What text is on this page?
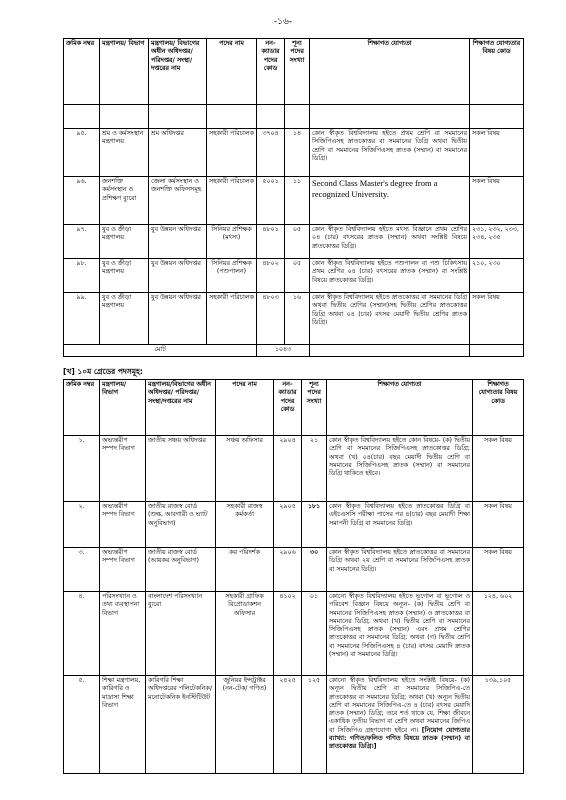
-১৬-
ক্রমিক নম্বর	মন্ত্রণালয়/ বিভাগ	মন্ত্রণালয়/ বিভাগের অধীন অধিদপ্তর/ পরিদপ্তর/ সংস্থা/ দপ্তরের নাম	পদের নাম	নন-ক্যাডার পদের কোড	শূন্য পদের সংখ্যা	শিক্ষাগত যোগ্যতা	শিক্ষাগত যোগ্যতার বিষয় কোড

৯৫.	শ্রম ও কর্মসংস্থান মন্ত্রণালয়	শ্রম অধিদপ্তর	সহকারী পরিচালক	৩৭০৪	১৪	কোন স্বীকৃত বিশ্ববিদ্যালয় হইতে প্রথম শ্রেণি বা সমমানের সিজিপিএসহ স্নাতকোত্তর বা সমমানের ডিগ্রি অথবা দ্বিতীয় শ্রেণি বা সমমানের সিজিপিএসহ স্নাতক (সম্মান) বা সমমানের ডিগ্রি।	সকল বিষয়
৯৬.	জনশক্তি কর্মসংস্থান ও প্রশিক্ষণ ব্যুরো	জেলা কর্মসংস্থান ও জনশক্তি অফিসসমূহ	সহকারী পরিচালক	৫০০১	১১	Second Class Master's degree from a recognized University.	সকল বিষয়
৯৭.	যুব ও ক্রীড়া মন্ত্রণালয়	যুব উন্নয়ন অধিদপ্তর	সিনিয়র প্রশিক্ষক (মৎস্য)	৪৮০১	০৫	কোন স্বীকৃত বিশ্ববিদ্যালয় হইতে মৎস্য বিজ্ঞানে প্রথম শ্রেণির ০৪ (চার) বৎসরের স্নাতক (সম্মান) অথবা সংশ্লিষ্ট বিষয়ে স্নাতকোত্তর ডিগ্রি।	২৩১, ২৩২, ২৩৩, ২৩৪, ২৩৫
৯৮.	যুব ও ক্রীড়া মন্ত্রণালয়	যুব উন্নয়ন অধিদপ্তর	সিনিয়র প্রশিক্ষক (পশুপালন)	৪৮০২	০৫	কোন স্বীকৃত বিশ্ববিদ্যালয় হইতে পশুপালন বা পশু চিকিৎসায় প্রথম শ্রেণির ০৪ (চার) বৎসরের স্নাতক (সম্মান) বা সংশ্লিষ্ট বিষয়ে স্নাতকোত্তর ডিগ্রি।	২১০, ২৩০
৯৯.	যুব ও ক্রীড়া মন্ত্রণালয়	যুব উন্নয়ন অধিদপ্তর	সহকারী পরিচালক	৪৮০৩	১৬	কোন স্বীকৃত বিশ্ববিদ্যালয় হইতে স্নাতকোত্তর বা সমমানের ডিগ্রি অথবা দ্বিতীয় শ্রেণির (সম্মান)সহ দ্বিতীয় শ্রেণির স্নাতকোত্তর ডিগ্রি অথবা ০৪ (চার) বৎসর মেয়াদী দ্বিতীয় শ্রেণির স্নাতক ডিগ্রি।	সকল বিষয়
মোট				১০৪৩			
[খ] ১০ম গ্রেডের পদসমূহ:
ক্রমিক নম্বর	মন্ত্রণালয়/ বিভাগ	মন্ত্রণালয়/বিভাগের অধীন অধিদপ্তর/ পরিদপ্তর/ সংস্থা/দপ্তরের নাম	পদের নাম	নন-ক্যাডার পদের কোড	শূন্য পদের সংখ্যা	শিক্ষাগত যোগ্যতা	শিক্ষাগত যোগ্যতার বিষয় কোড
১.	অভ্যন্তরীণ সম্পদ বিভাগ	জাতীয় সঞ্চয় অধিদপ্তর	সঞ্চয় অফিসার	২৯০৪	২১	কোন স্বীকৃত বিশ্ববিদ্যালয় হইতে কোন বিষয়ে- (ক) দ্বিতীয় শ্রেণি বা সমমানের সিজিপিএসহ স্নাতকোত্তর ডিগ্রি; অথবা (খ) ০৪(চার) বছর মেয়াদী দ্বিতীয় শ্রেণি বা সমমানের সিজিপিএসহ স্নাতক (সম্মান) বা সমমানের ডিগ্রি থাকিতে হইবে।	সকল বিষয়
২.	অভ্যন্তরীণ সম্পদ বিভাগ	জাতীয় রাজস্ব বোর্ড (শুল্ক, আবগারী ও ভ্যাট অনুবিভাগ)	সহকারী রাজস্ব কর্মকর্তা	২৯০৫	১৮১	কোন স্বীকৃত বিশ্ববিদ্যালয় হইতে স্নাতকোত্তর ডিগ্রি বা এইচএসসি পরীক্ষা পাসের পর ৪(চার) বছর মেয়াদী শিক্ষা সমাপনী ডিগ্রি বা সমমানের ডিগ্রি।	সকল বিষয়
৩.	অভ্যন্তরীণ সম্পদ বিভাগ	জাতীয় রাজস্ব বোর্ড (আয়কর অনুবিভাগ)	কর পরিদর্শক	২৯০৬	৩০	কোন স্বীকৃত বিশ্ববিদ্যালয় হইতে স্নাতকোত্তর বা সমমানের ডিগ্রি অথবা ২য় শ্রেণি বা সমমানের সিজিপিএসহ স্নাতক বা সমমানের ডিগ্রি।	সকল বিষয়
৪.	পরিসংখ্যান ও তথ্য ব্যবস্থাপনা বিভাগ	বাংলাদেশ পরিসংখ্যান ব্যুরো	সহকারী গ্রাফিক রিপ্রোডাকশন অফিসার	৪১০২	০১	কোনো স্বীকৃত বিশ্ববিদ্যালয় হইতে ভূগোল বা ভূগোল ও পরিবেশ বিজ্ঞান বিষয়ে অন্যূন- (ক) দ্বিতীয় শ্রেণি বা সমমানের সিজিপিএসহ স্নাতক (সম্মান) ও স্নাতকোত্তর বা সমমানের ডিগ্রি; অথবা (খ) দ্বিতীয় শ্রেণি বা সমমানের সিজিপিএসহ স্নাতক (সম্মান) এবং প্রথম শ্রেণির স্নাতকোত্তর বা সমমানের ডিগ্রি; অথবা (গ) দ্বিতীয় শ্রেণি বা সমমানের সিজিপিএসহ ৪ (চার) বৎসর মেয়াদি স্নাতক (সম্মান) বা সমমানের ডিগ্রি।	১২৪, ৬০২
৫.	শিক্ষা মন্ত্রণালয়, কারিগরি ও মাদ্রাসা শিক্ষা বিভাগ	কারিগরি শিক্ষা অধিদপ্তরের পলিটেকনিক/মনোটেকনিক ইনস্টিটিউট	জুনিয়র ইন্সট্রাক্টর (নন-টেক/ গণিত)	২৪২৫	১২৫	কোনো স্বীকৃত বিশ্ববিদ্যালয় হইতে সংশ্লিষ্ট বিষয়ে- (ক) অন্যূন দ্বিতীয় শ্রেণি বা সমমানের সিজিপিএ-তে স্নাতকোত্তর বা সমমানের ডিগ্রি; অথবা (খ) অন্যূন দ্বিতীয় শ্রেণি বা সমমানের সিজিপিএ-তে ৪ (চার) বৎসর মেয়াদি স্নাতক (সম্মান) ডিগ্রি; তবে শর্ত থাকে যে, শিক্ষা জীবনে একাধিক তৃতীয় বিভাগ বা শ্রেণি অথবা সমমানের জিপিএ বা সিজিপিএ গ্রহণযোগ্য হইবে না। [নিয়োগ যোগ্যতার ব্যাখ্যা: গণিত/ফলিত গণিত বিষয়ে স্নাতক (সম্মান) বা স্নাতকোত্তর ডিগ্রি।]	১৩৯,১০৫
